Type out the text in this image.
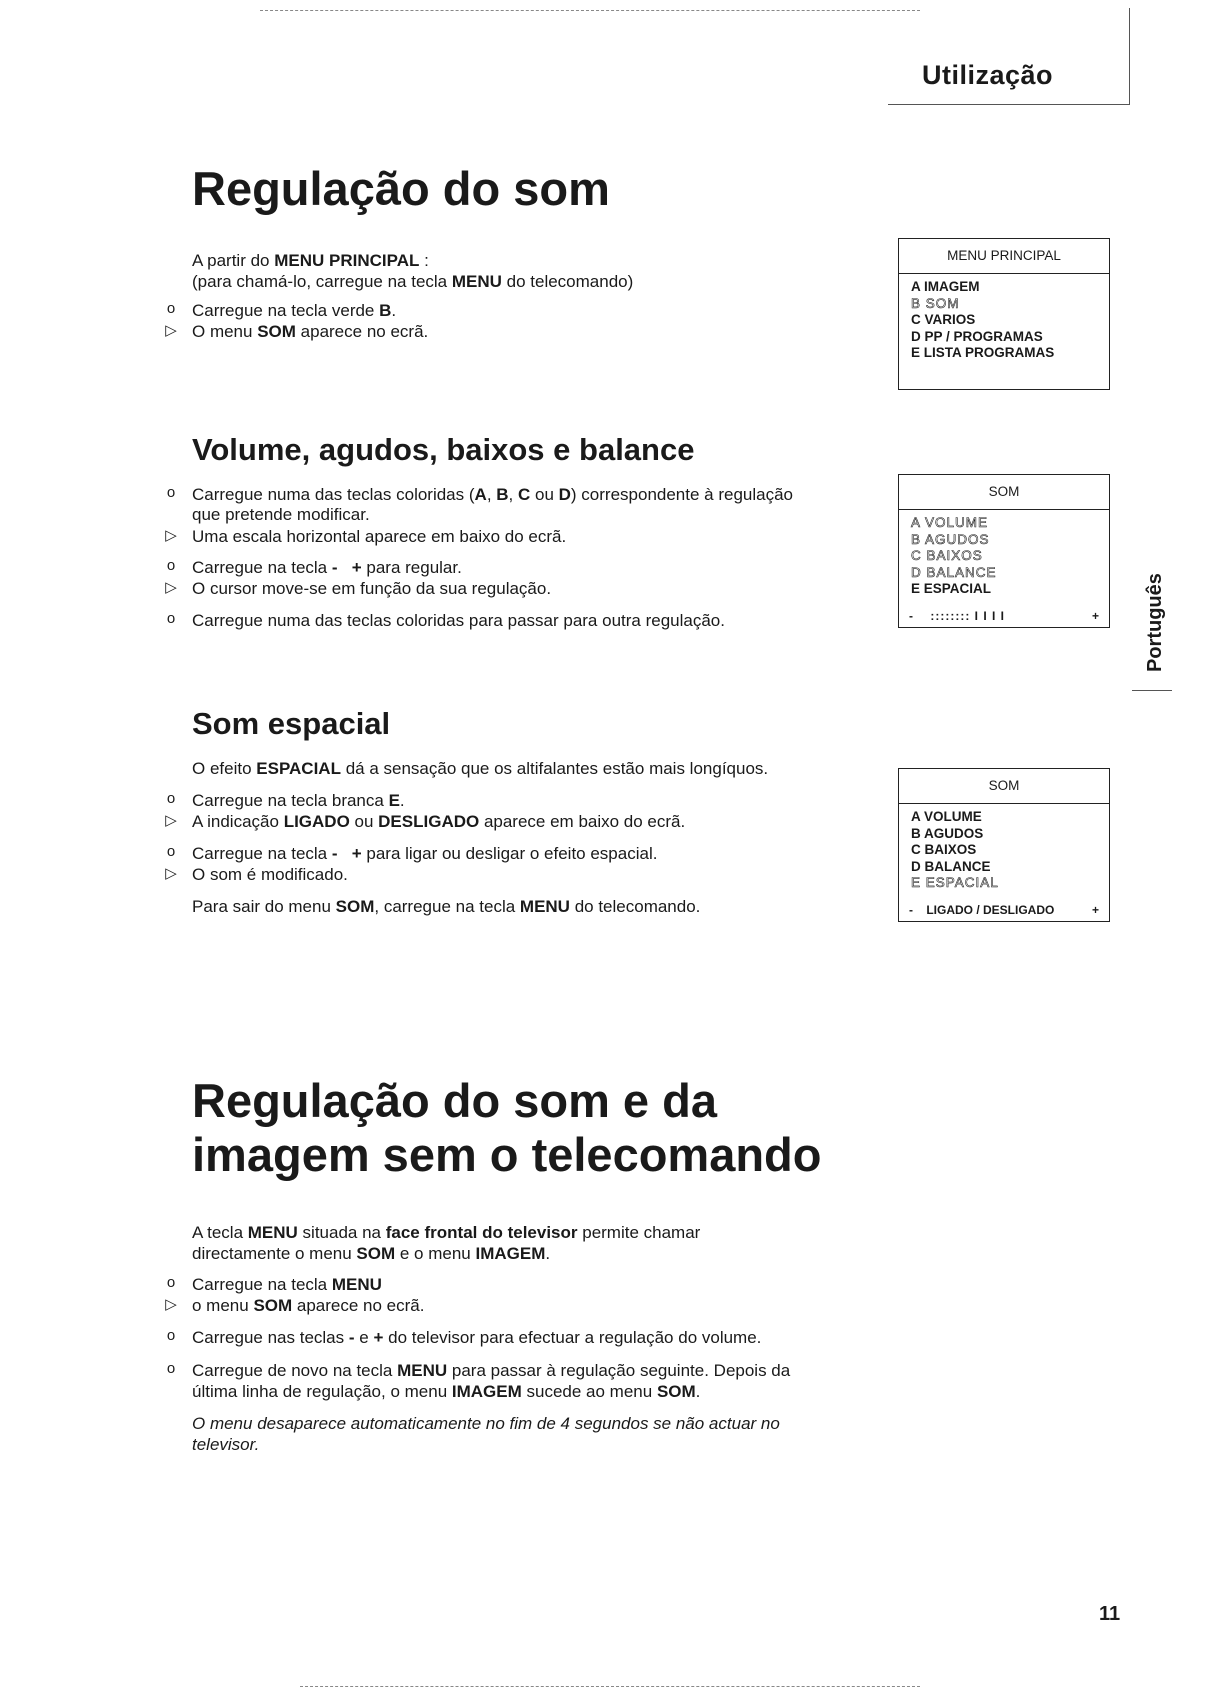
Utilização
Regulação do som
A partir do MENU PRINCIPAL :
(para chamá-lo, carregue na tecla MENU do telecomando)
o Carregue na tecla verde B.
▷ O menu SOM aparece no ecrã.
MENU PRINCIPAL
A IMAGEM
B SOM
C VARIOS
D PP / PROGRAMAS
E LISTA PROGRAMAS
Volume, agudos, baixos e balance
o Carregue numa das teclas coloridas (A, B, C ou D) correspondente à regulação
que pretende modificar.
▷ Uma escala horizontal aparece em baixo do ecrã.
o Carregue na tecla - + para regular.
▷ O cursor move-se em função da sua regulação.
o Carregue numa das teclas coloridas para passar para outra regulação.
SOM
A VOLUME
B AGUDOS
C BAIXOS
D BALANCE
E ESPACIAL
- :::::::: I I I I	+ Português
Som espacial
O efeito ESPACIAL dá a sensação que os altifalantes estão mais longíquos.
o Carregue na tecla branca E.
▷ A indicação LIGADO ou DESLIGADO aparece em baixo do ecrã.
o Carregue na tecla - + para ligar ou desligar o efeito espacial.
▷ O som é modificado.
Para sair do menu SOM, carregue na tecla MENU do telecomando.
SOM
A VOLUME
B AGUDOS
C BAIXOS
D BALANCE
E ESPACIAL
- LIGADO / DESLIGADO	+
Regulação do som e da
imagem sem o telecomando
A tecla MENU situada na face frontal do televisor permite chamar
directamente o menu SOM e o menu IMAGEM.
o Carregue na tecla MENU
▷ o menu SOM aparece no ecrã.
o Carregue nas teclas - e + do televisor para efectuar a regulação do volume.
o Carregue de novo na tecla MENU para passar à regulação seguinte. Depois da
última linha de regulação, o menu IMAGEM sucede ao menu SOM.
O menu desaparece automaticamente no fim de 4 segundos se não actuar no
televisor.
11
